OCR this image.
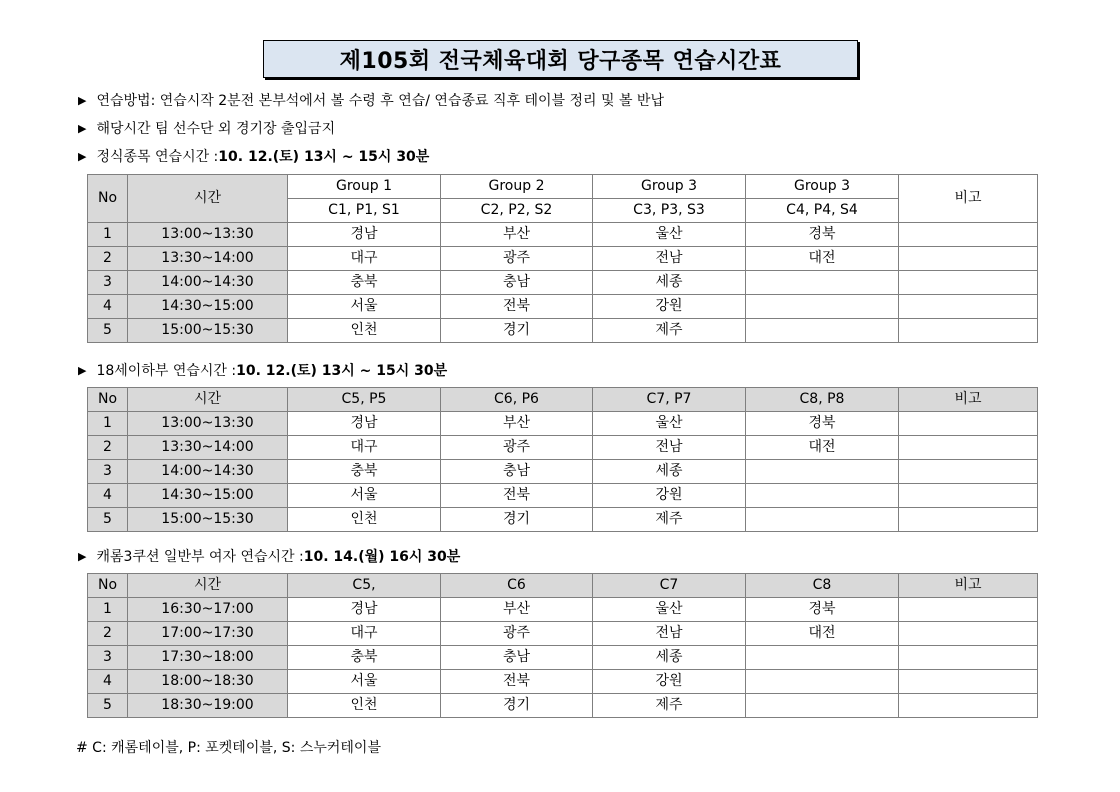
제105회 전국체육대회 당구종목 연습시간표
▶ 연습방법: 연습시작 2분전 본부석에서 볼 수령 후 연습/ 연습종료 직후 테이블 정리 및 볼 반납
▶ 해당시간 팀 선수단 외 경기장 출입금지
▶ 정식종목 연습시간 : 10. 12.(토) 13시 ~ 15시 30분
No	시간	Group 1	Group 2	Group 3	Group 3	비고
		C1, P1, S1	C2, P2, S2	C3, P3, S3	C4, P4, S4	
1	13:00~13:30	경남	부산	울산	경북	
2	13:30~14:00	대구	광주	전남	대전	
3	14:00~14:30	충북	충남	세종		
4	14:30~15:00	서울	전북	강원		
5	15:00~15:30	인천	경기	제주		
▶ 18세이하부 연습시간 : 10. 12.(토) 13시 ~ 15시 30분
No	시간	C5, P5	C6, P6	C7, P7	C8, P8	비고
1	13:00~13:30	경남	부산	울산	경북	
2	13:30~14:00	대구	광주	전남	대전	
3	14:00~14:30	충북	충남	세종		
4	14:30~15:00	서울	전북	강원		
5	15:00~15:30	인천	경기	제주		
▶ 캐롬3쿠션 일반부 여자 연습시간 : 10. 14.(월) 16시 30분
No	시간	C5,	C6	C7	C8	비고
1	16:30~17:00	경남	부산	울산	경북	
2	17:00~17:30	대구	광주	전남	대전	
3	17:30~18:00	충북	충남	세종		
4	18:00~18:30	서울	전북	강원		
5	18:30~19:00	인천	경기	제주		
# C: 캐롬테이블, P: 포켓테이블, S: 스누커테이블
